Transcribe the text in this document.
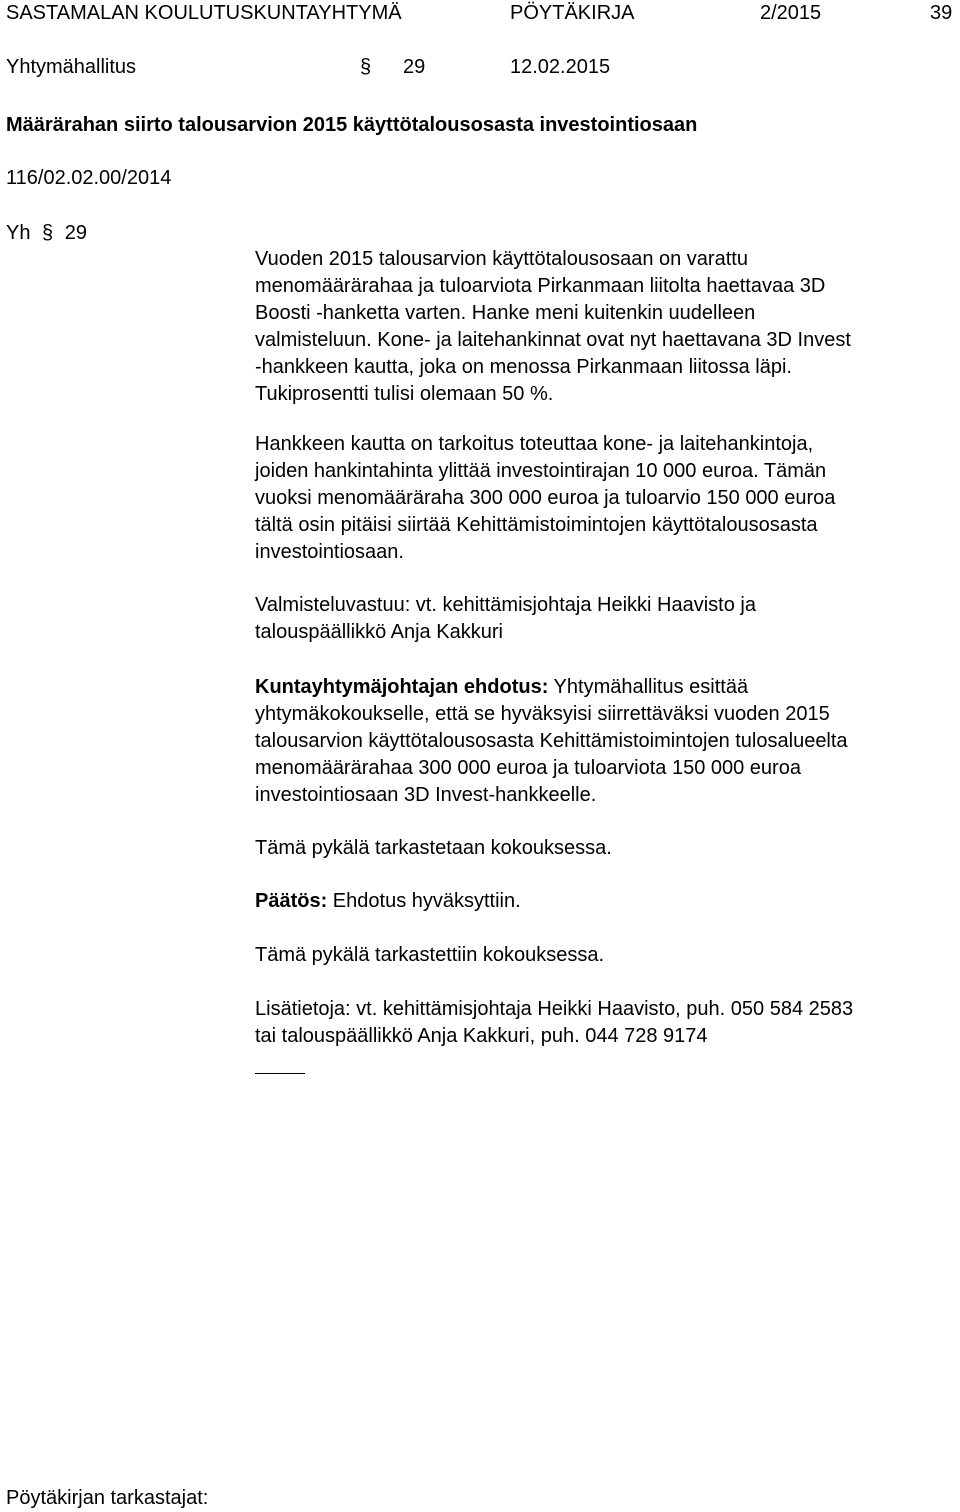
SASTAMALAN KOULUTUSKUNTAYHTYMÄ	PÖYTÄKIRJA	2/2015	39
Yhtymähallitus	§ 29	12.02.2015
Määrärahan siirto talousarvion 2015 käyttötalousosasta investointiosaan
116/02.02.00/2014
Yh § 29
Vuoden 2015 talousarvion käyttötalousosaan on varattu
menomäärärahaa ja tuloarviota Pirkanmaan liitolta haettavaa 3D
Boosti -hanketta varten. Hanke meni kuitenkin uudelleen
valmisteluun. Kone- ja laitehankinnat ovat nyt haettavana 3D Invest
-hankkeen kautta, joka on menossa Pirkanmaan liitossa läpi.
Tukiprosentti tulisi olemaan 50 %.
Hankkeen kautta on tarkoitus toteuttaa kone- ja laitehankintoja,
joiden hankintahinta ylittää investointirajan 10 000 euroa. Tämän
vuoksi menomääräraha 300 000 euroa ja tuloarvio 150 000 euroa
tältä osin pitäisi siirtää Kehittämistoimintojen käyttötalousosasta
investointiosaan.
Valmisteluvastuu: vt. kehittämisjohtaja Heikki Haavisto ja
talouspäällikkö Anja Kakkuri
Kuntayhtymäjohtajan ehdotus: Yhtymähallitus esittää
yhtymäkokoukselle, että se hyväksyisi siirrettäväksi vuoden 2015
talousarvion käyttötalousosasta Kehittämistoimintojen tulosalueelta
menomäärärahaa 300 000 euroa ja tuloarviota 150 000 euroa
investointiosaan 3D Invest-hankkeelle.
Tämä pykälä tarkastetaan kokouksessa.
Päätös: Ehdotus hyväksyttiin.
Tämä pykälä tarkastettiin kokouksessa.
Lisätietoja: vt. kehittämisjohtaja Heikki Haavisto, puh. 050 584 2583
tai talouspäällikkö Anja Kakkuri, puh. 044 728 9174
Pöytäkirjan tarkastajat:
